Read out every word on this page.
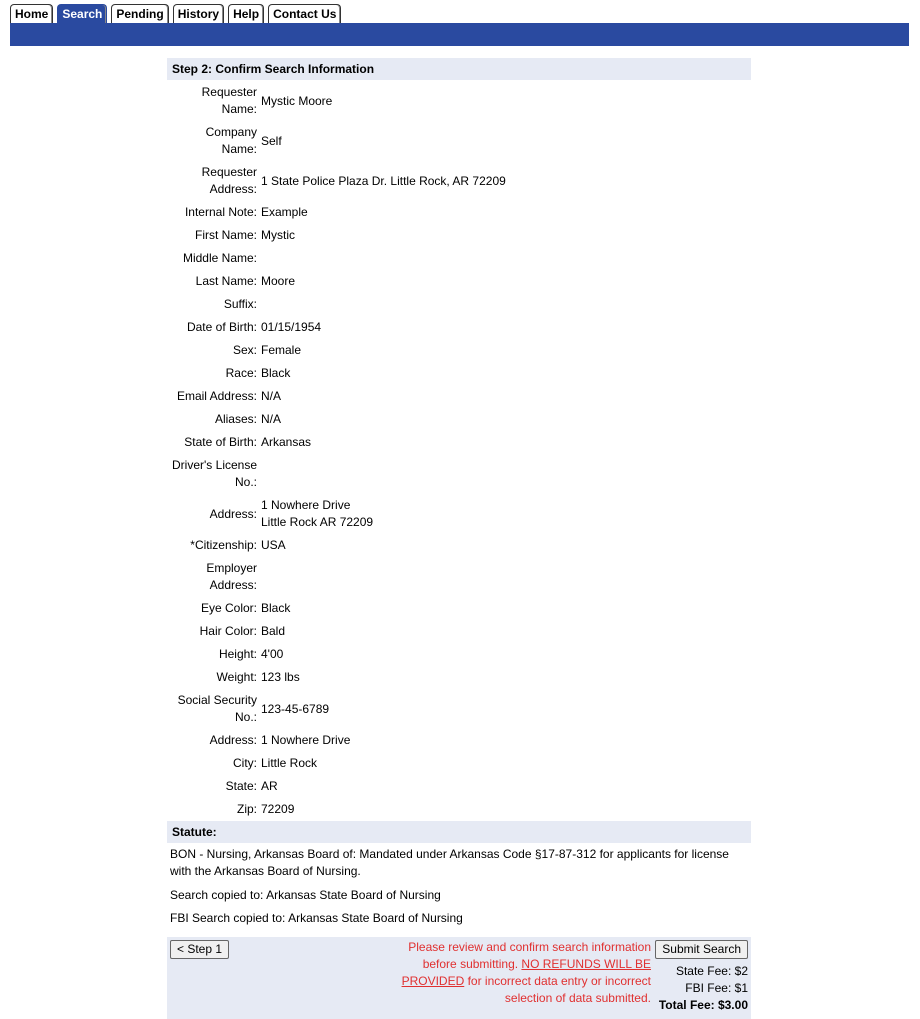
Home	Search	Pending	History	Help	Contact Us
Step 2: Confirm Search Information
Requester Name:	Mystic Moore
Company Name:	Self
Requester Address:	1 State Police Plaza Dr. Little Rock, AR 72209
Internal Note:	Example
First Name:	Mystic
Middle Name:	
Last Name:	Moore
Suffix:	
Date of Birth:	01/15/1954
Sex:	Female
Race:	Black
Email Address:	N/A
Aliases:	N/A
State of Birth:	Arkansas
Driver's License No.:	
Address:	1 Nowhere Drive
Little Rock AR 72209
*Citizenship:	USA
Employer Address:	
Eye Color:	Black
Hair Color:	Bald
Height:	4'00
Weight:	123 lbs
Social Security No.:	123-45-6789
Address:	1 Nowhere Drive
City:	Little Rock
State:	AR
Zip:	72209
Statute:
BON - Nursing, Arkansas Board of: Mandated under Arkansas Code §17-87-312 for applicants for license with the Arkansas Board of Nursing.
Search copied to: Arkansas State Board of Nursing
FBI Search copied to: Arkansas State Board of Nursing
< Step 1	Please review and confirm search information before submitting. NO REFUNDS WILL BE PROVIDED for incorrect data entry or incorrect selection of data submitted.
Submit Search
State Fee: $2
FBI Fee: $1
Total Fee: $3.00
